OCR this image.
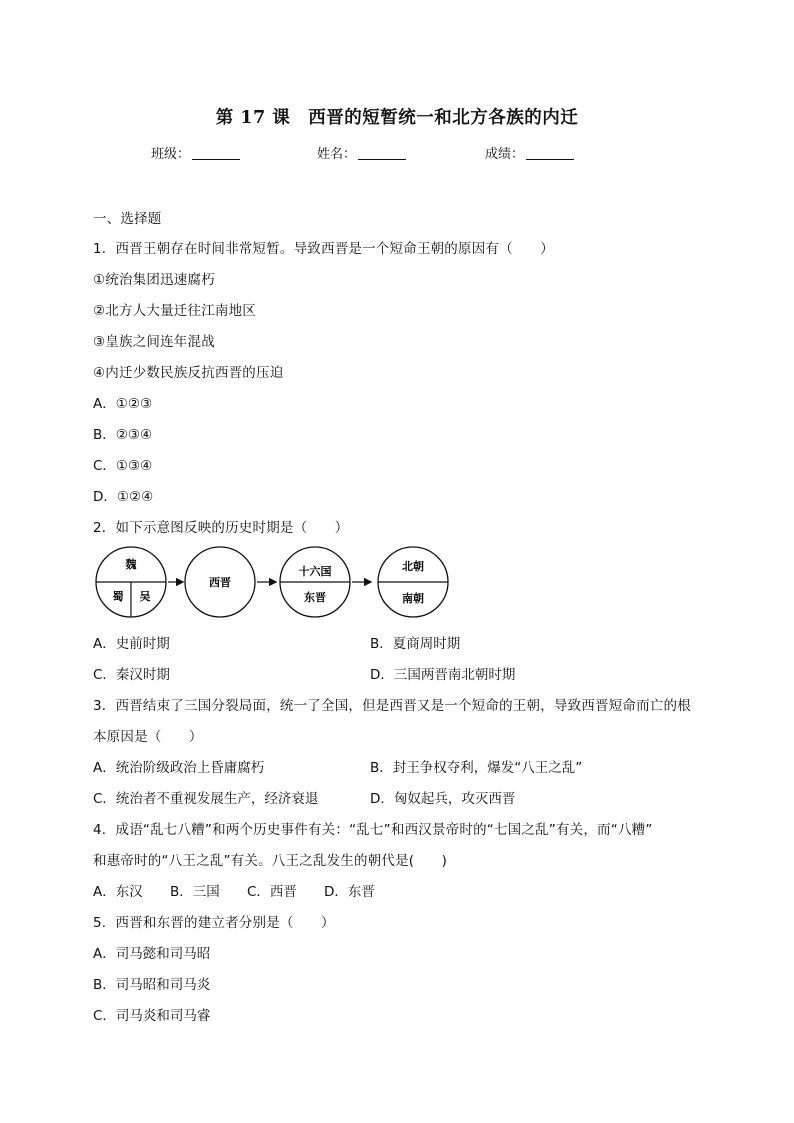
第 17 课　西晋的短暂统一和北方各族的内迁
班级：	姓名：	成绩：
一、选择题
1．西晋王朝存在时间非常短暂。导致西晋是一个短命王朝的原因有（　　）
①统治集团迅速腐朽
②北方人大量迁往江南地区
③皇族之间连年混战
④内迁少数民族反抗西晋的压迫
A．①②③
B．②③④
C．①③④
D．①②④
2．如下示意图反映的历史时期是（　　）
魏
蜀 吴
西晋
十六国
东晋
北朝
南朝
A．史前时期	B．夏商周时期
C．秦汉时期	D．三国两晋南北朝时期
3．西晋结束了三国分裂局面，统一了全国，但是西晋又是一个短命的王朝，导致西晋短命而亡的根
本原因是（　　）
A．统治阶级政治上昏庸腐朽	B．封王争权夺利，爆发“八王之乱”
C．统治者不重视发展生产，经济衰退	D．匈奴起兵，攻灭西晋
4．成语“乱七八糟”和两个历史事件有关：“乱七”和西汉景帝时的“七国之乱”有关，而“八糟”
和惠帝时的“八王之乱”有关。八王之乱发生的朝代是(　　)
A．东汉 B．三国 C．西晋 D．东晋
5．西晋和东晋的建立者分别是（　　）
A．司马懿和司马昭
B．司马昭和司马炎
C．司马炎和司马睿
